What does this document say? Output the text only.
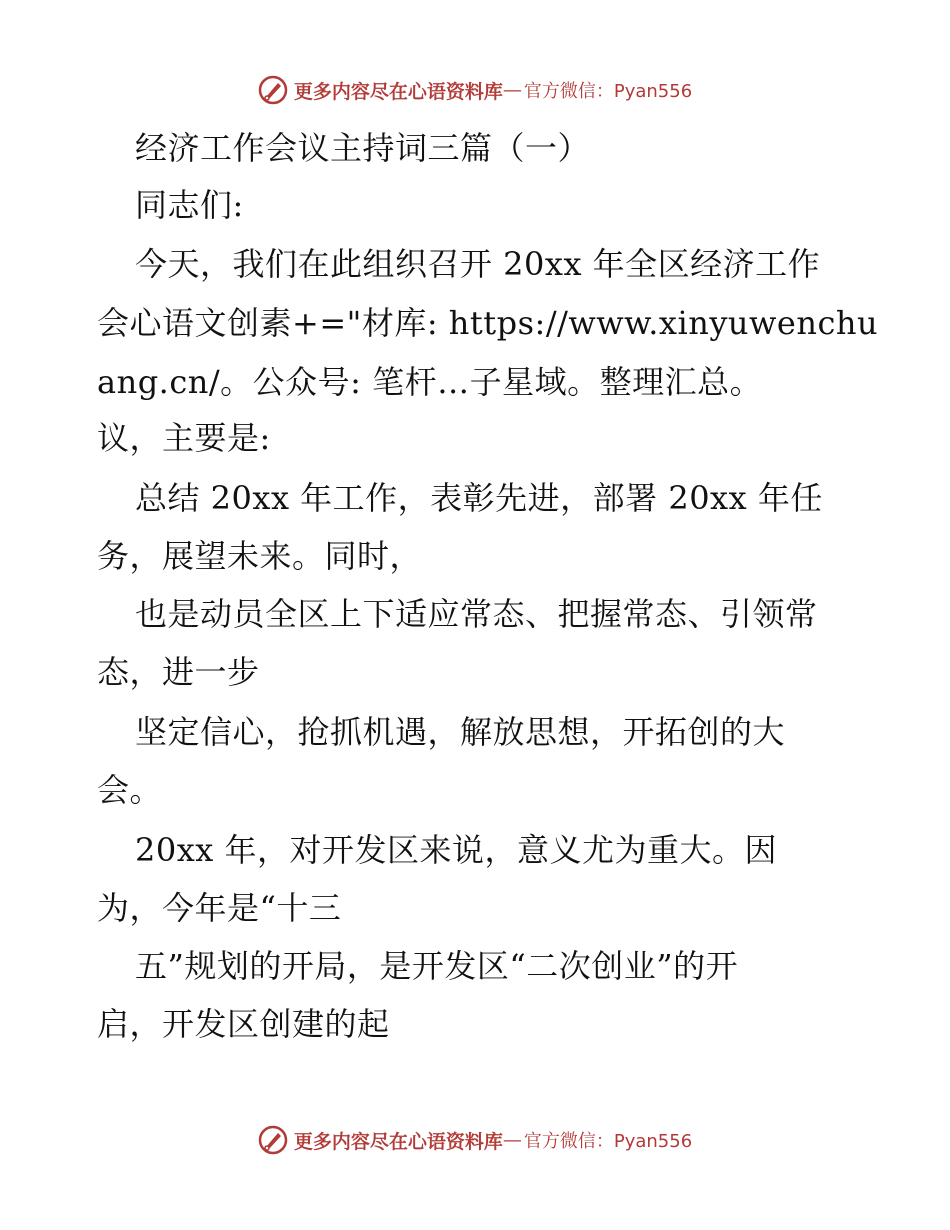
更多内容尽在心语资料库 — 官方微信：Pyan556
经济工作会议主持词三篇（一）
同志们:
今天，我们在此组织召开 20xx 年全区经济工作
会心语文创素+="材库: https://www.xinyuwenchu
ang.cn/。公众号: 笔杆…子星域。整理汇总。
议，主要是:
总结 20xx 年工作，表彰先进，部署 20xx 年任
务，展望未来。同时，
也是动员全区上下适应常态、把握常态、引领常
态，进一步
坚定信心，抢抓机遇，解放思想，开拓创的大
会。
20xx 年，对开发区来说，意义尤为重大。因
为，今年是“十三
五”规划的开局，是开发区“二次创业”的开
启，开发区创建的起
更多内容尽在心语资料库 — 官方微信：Pyan556
